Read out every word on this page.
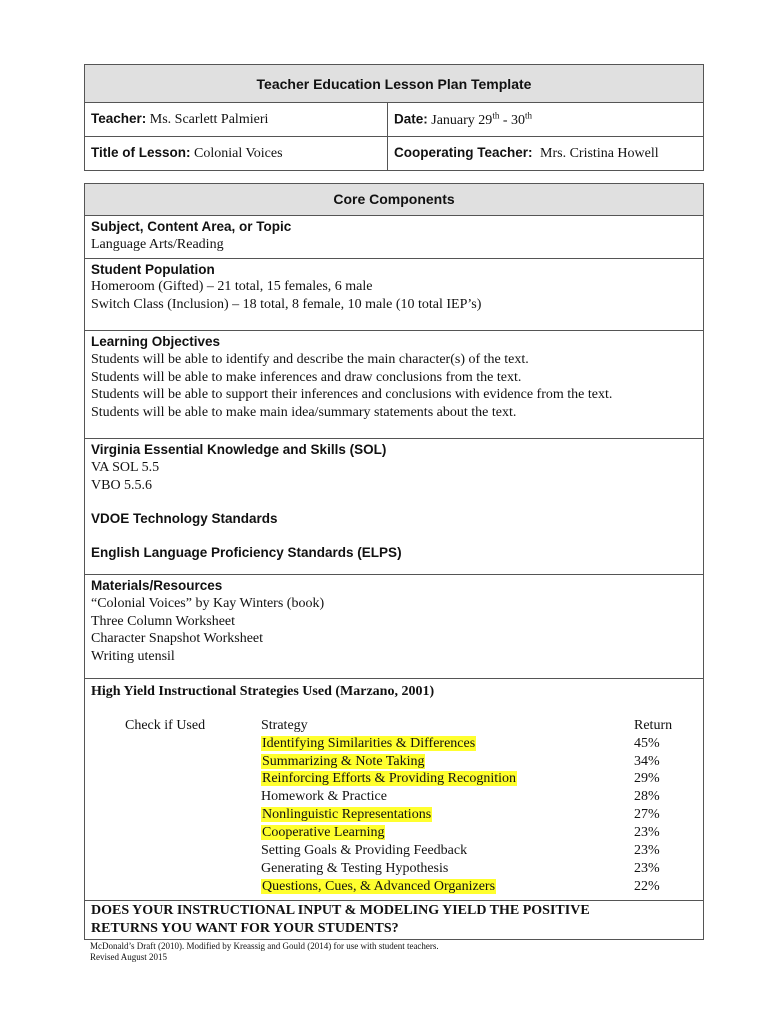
Teacher Education Lesson Plan Template	
Teacher: Ms. Scarlett Palmieri	Date: January 29th - 30th
Title of Lesson: Colonial Voices	Cooperating Teacher: Mrs. Cristina Howell
Core Components

Subject, Content Area, or Topic
Language Arts/Reading

Student Population
Homeroom (Gifted) – 21 total, 15 females, 6 male
Switch Class (Inclusion) – 18 total, 8 female, 10 male (10 total IEP’s)

Learning Objectives
Students will be able to identify and describe the main character(s) of the text.
Students will be able to make inferences and draw conclusions from the text.
Students will be able to support their inferences and conclusions with evidence from the text.
Students will be able to make main idea/summary statements about the text.

Virginia Essential Knowledge and Skills (SOL)
VA SOL 5.5
VBO 5.5.6
VDOE Technology Standards
English Language Proficiency Standards (ELPS)

Materials/Resources
“Colonial Voices” by Kay Winters (book)
Three Column Worksheet
Character Snapshot Worksheet
Writing utensil

High Yield Instructional Strategies Used (Marzano, 2001)
Check if Used	Strategy	Return

Identifying Similarities & Differences	45%

Summarizing & Note Taking	34%

Reinforcing Efforts & Providing Recognition	29%

Homework & Practice	28%

Nonlinguistic Representations	27%

Cooperative Learning	23%

Setting Goals & Providing Feedback	23%

Generating & Testing Hypothesis	23%

Questions, Cues, & Advanced Organizers	22%

DOES YOUR INSTRUCTIONAL INPUT & MODELING YIELD THE POSITIVE
RETURNS YOU WANT FOR YOUR STUDENTS?
McDonald’s Draft (2010). Modified by Kreassig and Gould (2014) for use with student teachers.
Revised August 2015
